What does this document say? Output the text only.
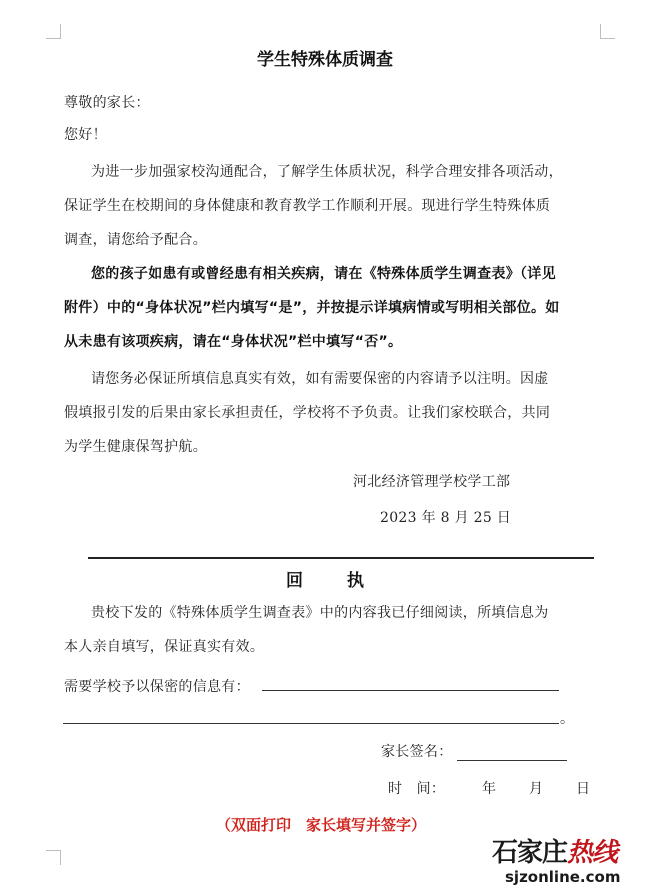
学生特殊体质调查
尊敬的家长：
您好！
为进一步加强家校沟通配合，了解学生体质状况，科学合理安排各项活动，
保证学生在校期间的身体健康和教育教学工作顺利开展。现进行学生特殊体质
调查，请您给予配合。
您的孩子如患有或曾经患有相关疾病，请在《特殊体质学生调查表》（详见
附件）中的“身体状况”栏内填写“是”，并按提示详填病情或写明相关部位。如
从未患有该项疾病，请在“身体状况”栏中填写“否”。
请您务必保证所填信息真实有效，如有需要保密的内容请予以注明。因虚
假填报引发的后果由家长承担责任，学校将不予负责。让我们家校联合，共同
为学生健康保驾护航。
河北经济管理学校学工部
2023 年 8 月 25 日
回执
贵校下发的《特殊体质学生调查表》中的内容我已仔细阅读，所填信息为
本人亲自填写，保证真实有效。
需要学校予以保密的信息有：
。
家长签名：
时　间：	年 月 日
（双面打印　家长填写并签字）
石家庄热线
sjzonline.com
